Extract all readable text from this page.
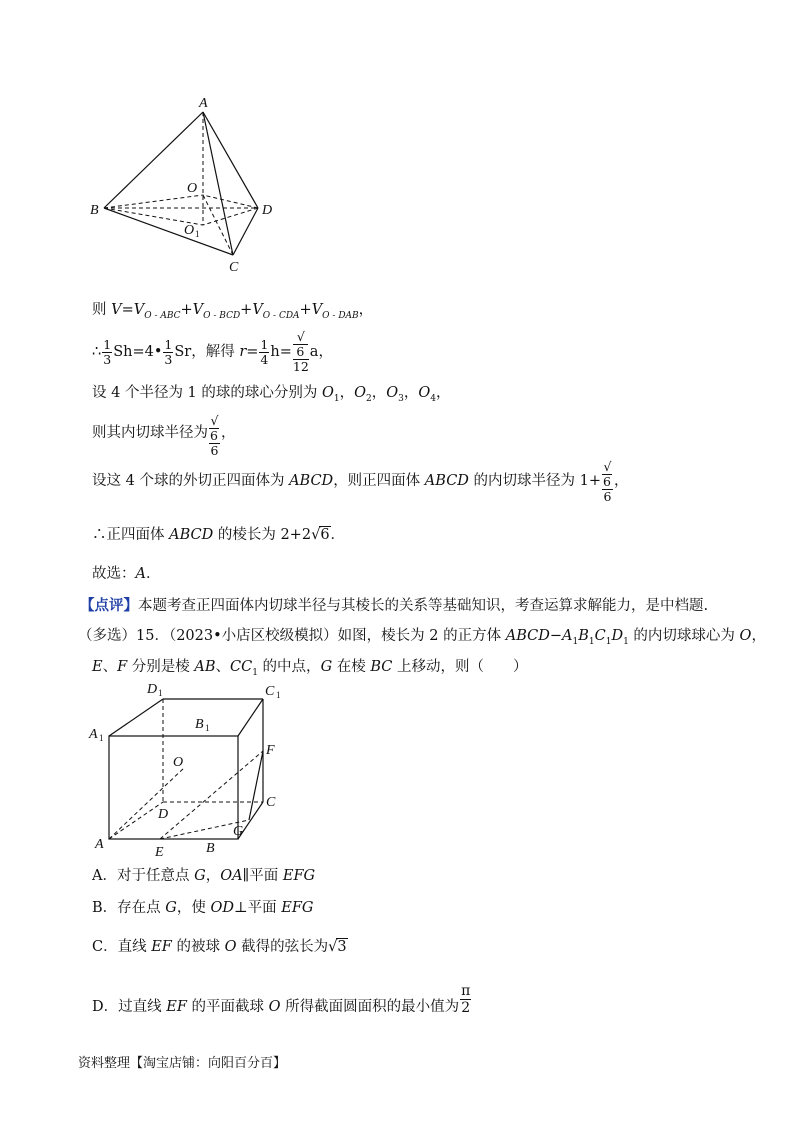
A
B	D
C
O
O 1
则 $V=V_{O - ABC}+V_{O - BCD}+V_{O - CDA}+V_{O - DAB}$，
∴ $\frac{1}{3}$ Sh=4• $\frac{1}{3}$ Sr，解得 $r= \frac{1}{4} h=$ √
6
12 a，
设 4 个半径为 1 的球的球心分别为 $O_1$，$O_2$，$O_3$，$O_4$，
则其内切球半径为 √
6
6 ，
设这 4 个球的外切正四面体为 ABCD，则正四面体 ABCD 的内切球半径为 1+ √
6
6 ，
∴正四面体 ABCD 的棱长为 2+2√6．
故选：A．
【点评】本题考查正四面体内切球半径与其棱长的关系等基础知识，考查运算求解能力，是中档题.
（多选）15．（2023•小店区校级模拟）如图，棱长为 2 的正方体 $ABCD-A_1B_1C_1D_1$ 的内切球球心为 O，
E、F 分别是棱 AB、$CC_1$ 的中点，G 在棱 BC 上移动，则（　　）
D 1	C 1
A 1
B 1
F
O
C
D
G
A
E	B
A．对于任意点 G，OA∥平面 EFG
B．存在点 G，使 OD⊥平面 EFG
C．直线 EF 的被球 O 截得的弦长为√3
D．过直线 EF 的平面截球 O 所得截面圆面积的最小值为 $\frac{\pi}{2}$
资料整理【淘宝店铺：向阳百分百】
